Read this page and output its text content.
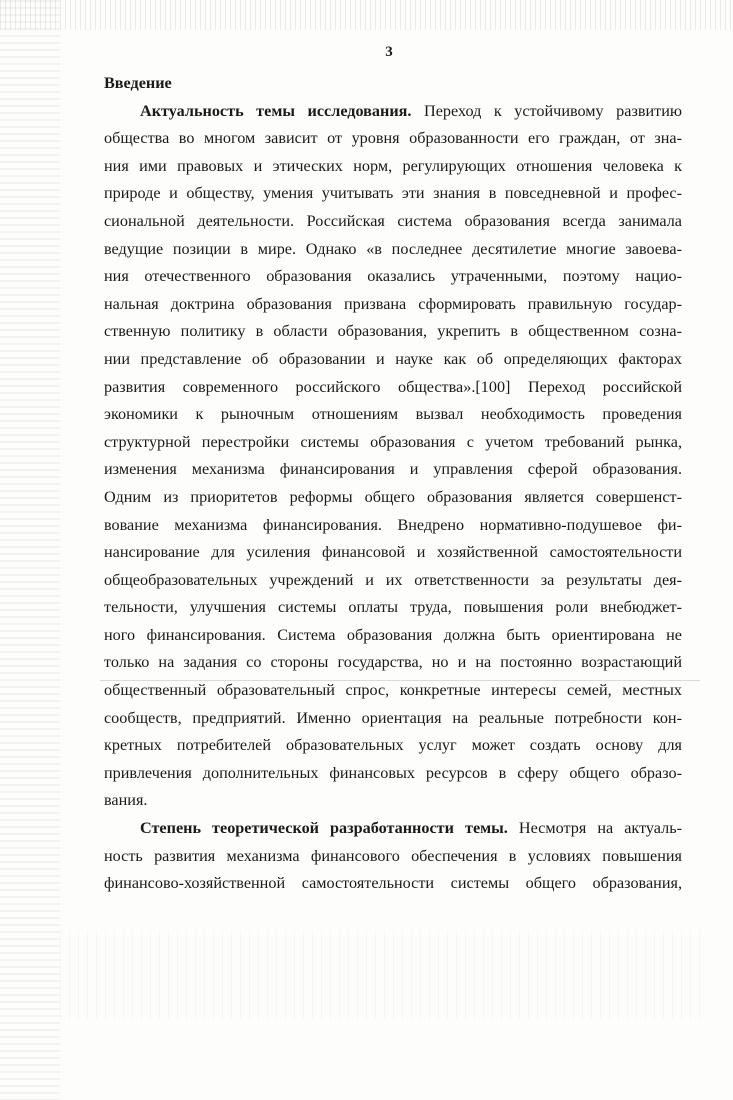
3
Введение
Актуальность темы исследования. Переход к устойчивому развитию
общества во многом зависит от уровня образованности его граждан, от зна-
ния ими правовых и этических норм, регулирующих отношения человека к
природе и обществу, умения учитывать эти знания в повседневной и профес-
сиональной деятельности. Российская система образования всегда занимала
ведущие позиции в мире. Однако «в последнее десятилетие многие завоева-
ния отечественного образования оказались утраченными, поэтому нацио-
нальная доктрина образования призвана сформировать правильную государ-
ственную политику в области образования, укрепить в общественном созна-
нии представление об образовании и науке как об определяющих факторах
развития современного российского общества».[100] Переход российской
экономики к рыночным отношениям вызвал необходимость проведения
структурной перестройки системы образования с учетом требований рынка,
изменения механизма финансирования и управления сферой образования.
Одним из приоритетов реформы общего образования является совершенст-
вование механизма финансирования. Внедрено нормативно-подушевое фи-
нансирование для усиления финансовой и хозяйственной самостоятельности
общеобразовательных учреждений и их ответственности за результаты дея-
тельности, улучшения системы оплаты труда, повышения роли внебюджет-
ного финансирования. Система образования должна быть ориентирована не
только на задания со стороны государства, но и на постоянно возрастающий
общественный образовательный спрос, конкретные интересы семей, местных
сообществ, предприятий. Именно ориентация на реальные потребности кон-
кретных потребителей образовательных услуг может создать основу для
привлечения дополнительных финансовых ресурсов в сферу общего образо-
вания.
Степень теоретической разработанности темы. Несмотря на актуаль-
ность развития механизма финансового обеспечения в условиях повышения
финансово-хозяйственной самостоятельности системы общего образования,
